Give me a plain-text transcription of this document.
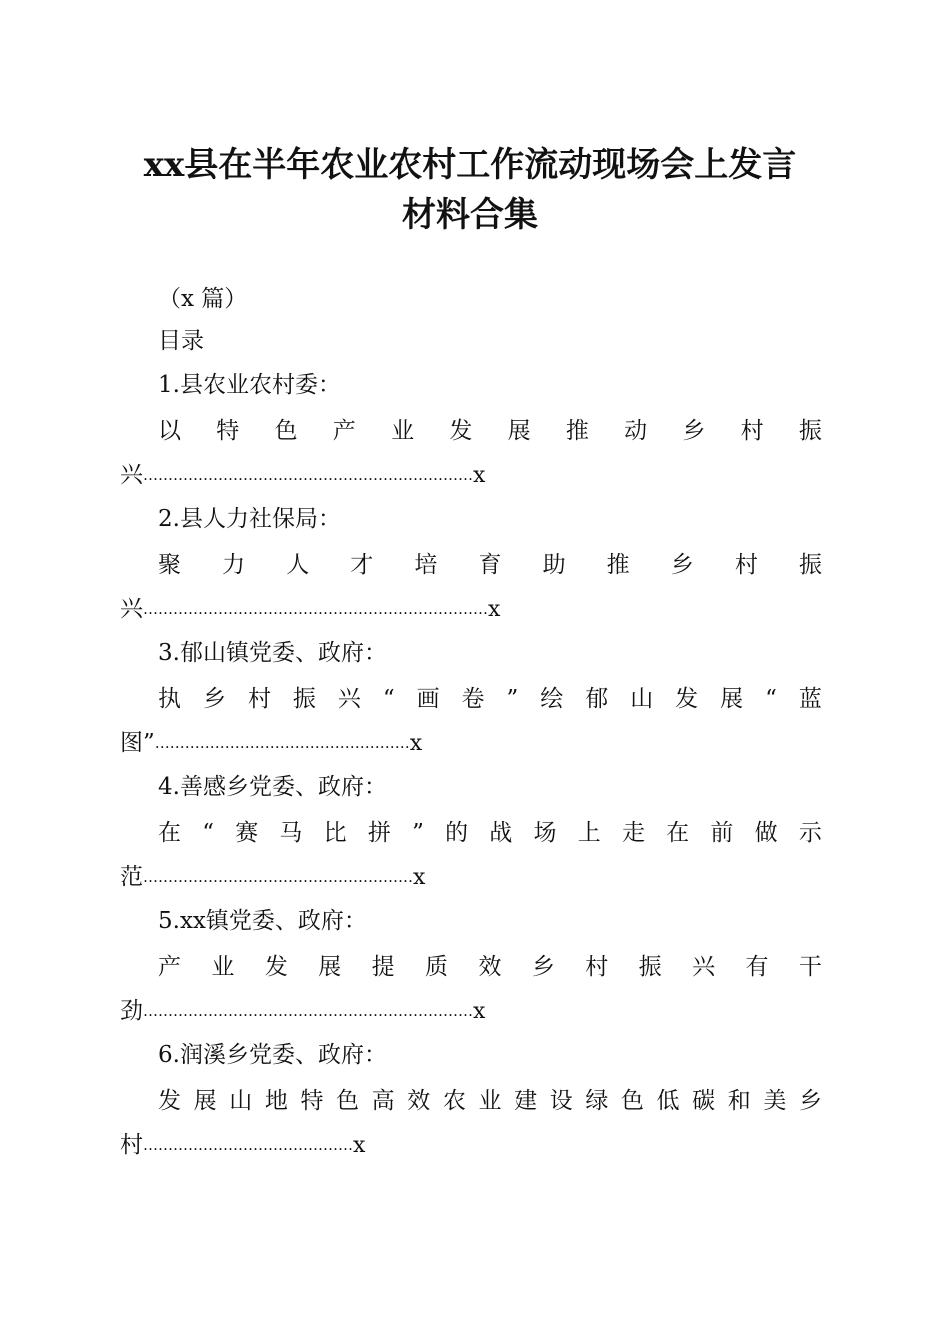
xx县在半年农业农村工作流动现场会上发言
材料合集
（x 篇）
目录
1.县农业农村委：
以 特 色 产 业 发 展 推 动 乡 村 振
兴…………………………………………………………x
2.县人力社保局：
聚 力 人 才 培 育 助 推 乡 村 振
兴……………………………………………………………x
3.郁山镇党委、政府：
执 乡 村 振 兴 “ 画 卷 ” 绘 郁 山 发 展 “ 蓝
图”……………………………………………x
4.善感乡党委、政府：
在 “ 赛 马 比 拼 ” 的 战 场 上 走 在 前 做 示
范………………………………………………x
5.xx镇党委、政府：
产 业 发 展 提 质 效 乡 村 振 兴 有 干
劲…………………………………………………………x
6.润溪乡党委、政府：
发 展 山 地 特 色 高 效 农 业 建 设 绿 色 低 碳 和 美 乡
村……………………………………x
